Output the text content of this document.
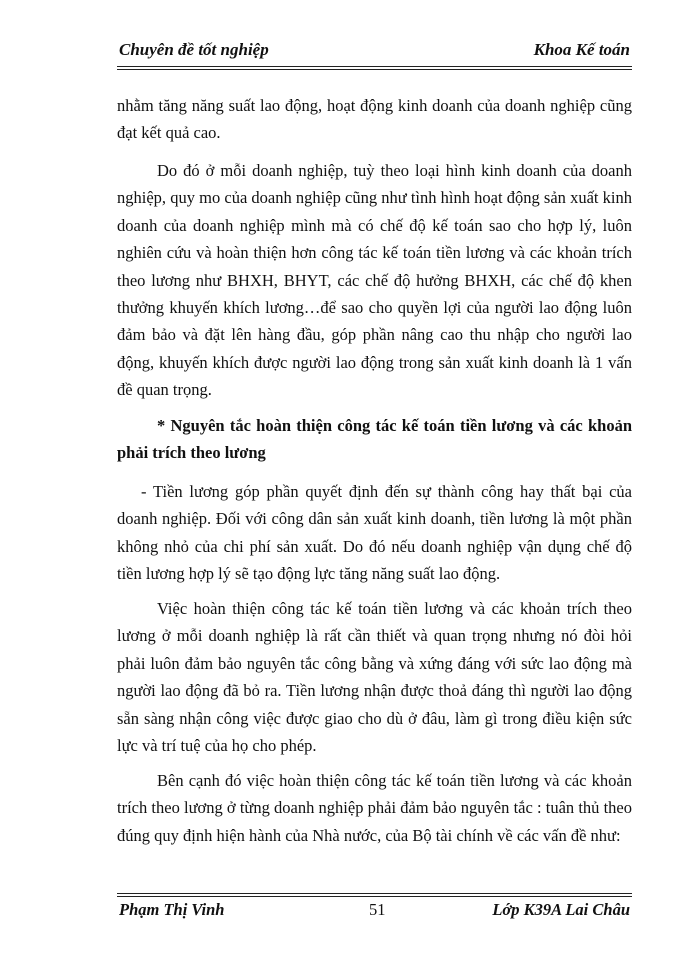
Chuyên đề tốt nghiệp	Khoa Kế toán

nhằm tăng năng suất lao động, hoạt động kinh doanh của doanh nghiệp cũng đạt kết quả cao.

Do đó ở mỗi doanh nghiệp, tuỳ theo loại hình kinh doanh của doanh nghiệp, quy mo của doanh nghiệp cũng như tình hình hoạt động sản xuất kinh doanh của doanh nghiệp mình mà có chế độ kế toán sao cho hợp lý, luôn nghiên cứu và hoàn thiện hơn công tác kế toán tiền lương và các khoản trích theo lương như BHXH, BHYT, các chế độ hưởng BHXH, các chế độ khen thưởng khuyến khích lương…để sao cho quyền lợi của người lao động luôn đảm bảo và đặt lên hàng đầu, góp phần nâng cao thu nhập cho người lao động, khuyến khích được người lao động trong sản xuất kinh doanh là 1 vấn đề quan trọng.

* Nguyên tắc hoàn thiện công tác kế toán tiền lương và các khoản phải trích theo lương

- Tiền lương góp phần quyết định đến sự thành công hay thất bại của doanh nghiệp. Đối với công dân sản xuất kinh doanh, tiền lương là một phần không nhỏ của chi phí sản xuất. Do đó nếu doanh nghiệp vận dụng chế độ tiền lương hợp lý sẽ tạo động lực tăng năng suất lao động.

Việc hoàn thiện công tác kế toán tiền lương và các khoản trích theo lương ở mỗi doanh nghiệp là rất cần thiết và quan trọng nhưng nó đòi hỏi phải luôn đảm bảo nguyên tắc công bằng và xứng đáng với sức lao động mà người lao động đã bỏ ra. Tiền lương nhận được thoả đáng thì người lao động sẵn sàng nhận công việc được giao cho dù ở đâu, làm gì trong điều kiện sức lực và trí tuệ của họ cho phép.

Bên cạnh đó việc hoàn thiện công tác kế toán tiền lương và các khoản trích theo lương ở từng doanh nghiệp phải đảm bảo nguyên tắc : tuân thủ theo đúng quy định hiện hành của Nhà nước, của Bộ tài chính về các vấn đề như:

Phạm Thị Vinh	51	Lớp K39A Lai Châu
